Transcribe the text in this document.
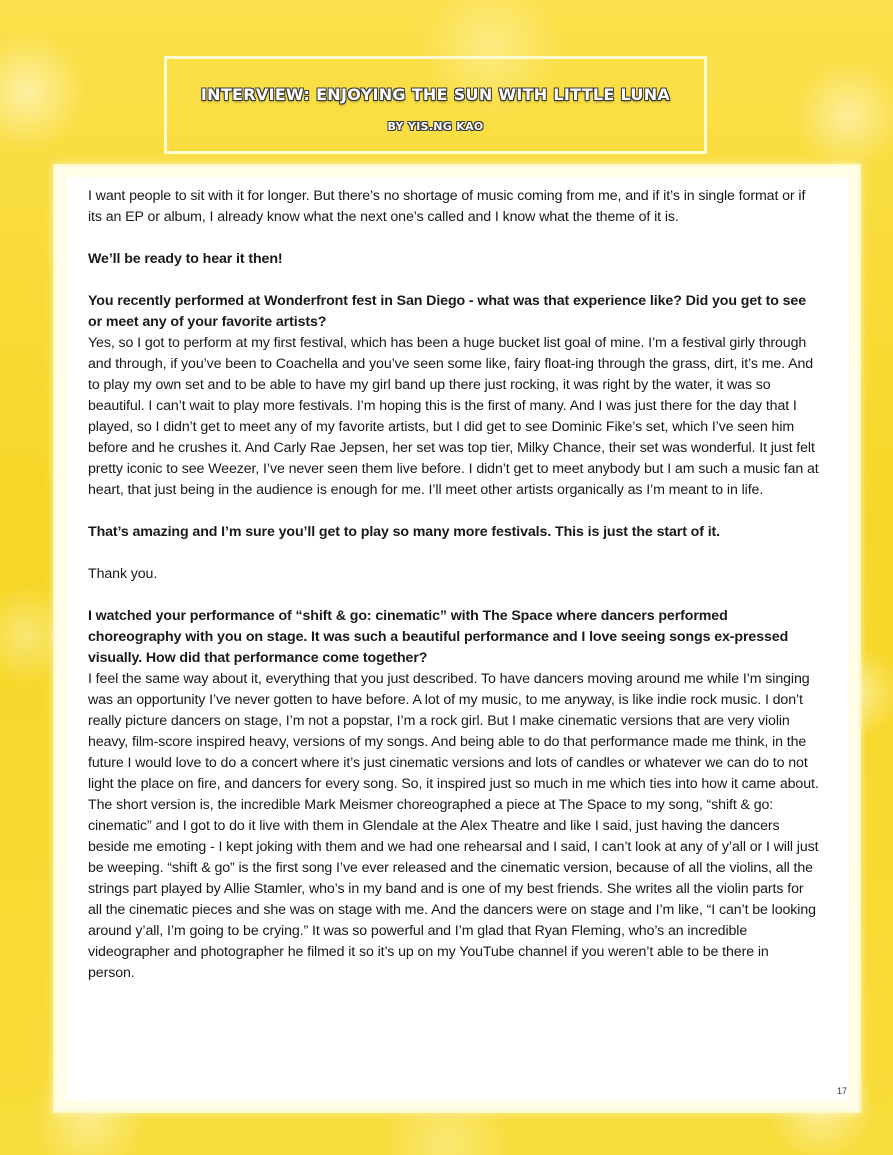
INTERVIEW: ENJOYING THE SUN WITH LITTLE LUNA
BY YIS.NG KAO

I want people to sit with it for longer. But there’s no shortage of music coming from me, and if it’s in single format or if its an EP or album, I already know what the next one’s called and I know what the theme of it is.

We’ll be ready to hear it then!

You recently performed at Wonderfront fest in San Diego - what was that experience like? Did you get to see or meet any of your favorite artists?

Yes, so I got to perform at my first festival, which has been a huge bucket list goal of mine. I’m a festival girly through and through, if you’ve been to Coachella and you’ve seen some like, fairy float-ing through the grass, dirt, it’s me. And to play my own set and to be able to have my girl band up there just rocking, it was right by the water, it was so beautiful. I can’t wait to play more festivals. I’m hoping this is the first of many. And I was just there for the day that I played, so I didn’t get to meet any of my favorite artists, but I did get to see Dominic Fike’s set, which I’ve seen him before and he crushes it. And Carly Rae Jepsen, her set was top tier, Milky Chance, their set was wonderful. It just felt pretty iconic to see Weezer, I’ve never seen them live before. I didn’t get to meet anybody but I am such a music fan at heart, that just being in the audience is enough for me. I’ll meet other artists organically as I’m meant to in life.

That’s amazing and I’m sure you’ll get to play so many more festivals. This is just the start of it.

Thank you.

I watched your performance of “shift & go: cinematic” with The Space where dancers performed choreography with you on stage. It was such a beautiful performance and I love seeing songs ex-pressed visually. How did that performance come together?

I feel the same way about it, everything that you just described. To have dancers moving around me while I’m singing was an opportunity I’ve never gotten to have before. A lot of my music, to me anyway, is like indie rock music. I don’t really picture dancers on stage, I’m not a popstar, I’m a rock girl. But I make cinematic versions that are very violin heavy, film-score inspired heavy, versions of my songs. And being able to do that performance made me think, in the future I would love to do a concert where it’s just cinematic versions and lots of candles or whatever we can do to not light the place on fire, and dancers for every song. So, it inspired just so much in me which ties into how it came about. The short version is, the incredible Mark Meismer choreographed a piece at The Space to my song, “shift & go: cinematic” and I got to do it live with them in Glendale at the Alex Theatre and like I said, just having the dancers beside me emoting - I kept joking with them and we had one rehearsal and I said, I can’t look at any of y’all or I will just be weeping. “shift & go” is the first song I’ve ever released and the cinematic version, because of all the violins, all the strings part played by Allie Stamler, who’s in my band and is one of my best friends. She writes all the violin parts for all the cinematic pieces and she was on stage with me. And the dancers were on stage and I’m like, “I can’t be looking around y’all, I’m going to be crying.” It was so powerful and I’m glad that Ryan Fleming, who’s an incredible videographer and photographer he filmed it so it’s up on my YouTube channel if you weren’t able to be there in person.

17
